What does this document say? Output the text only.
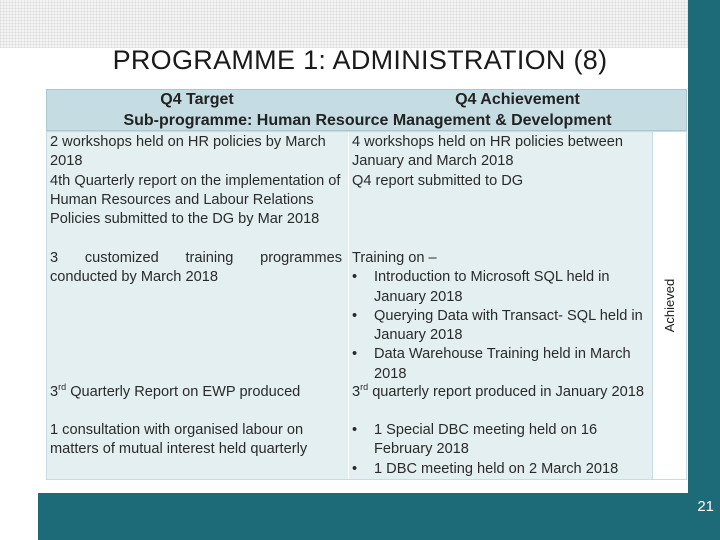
21
PROGRAMME 1: ADMINISTRATION (8)
Q4 Target	Q4 Achievement
Sub-programme: Human Resource Management & Development
Achieved
2 workshops held on HR policies by March 2018
4th Quarterly report on the implementation of Human Resources and Labour Relations Policies submitted to the DG by Mar 2018
3 customized training programmes conducted by March 2018
3rd Quarterly Report on EWP produced
1 consultation with organised labour on matters of mutual interest held quarterly
4 workshops held on HR policies between January and March 2018
Q4 report submitted to DG
Training on –
• Introduction to Microsoft SQL held in January 2018
• Querying Data with Transact- SQL held in January 2018
• Data Warehouse Training held in March 2018
3rd quarterly report produced in January 2018
• 1 Special DBC meeting held on 16 February 2018
• 1 DBC meeting held on 2 March 2018
